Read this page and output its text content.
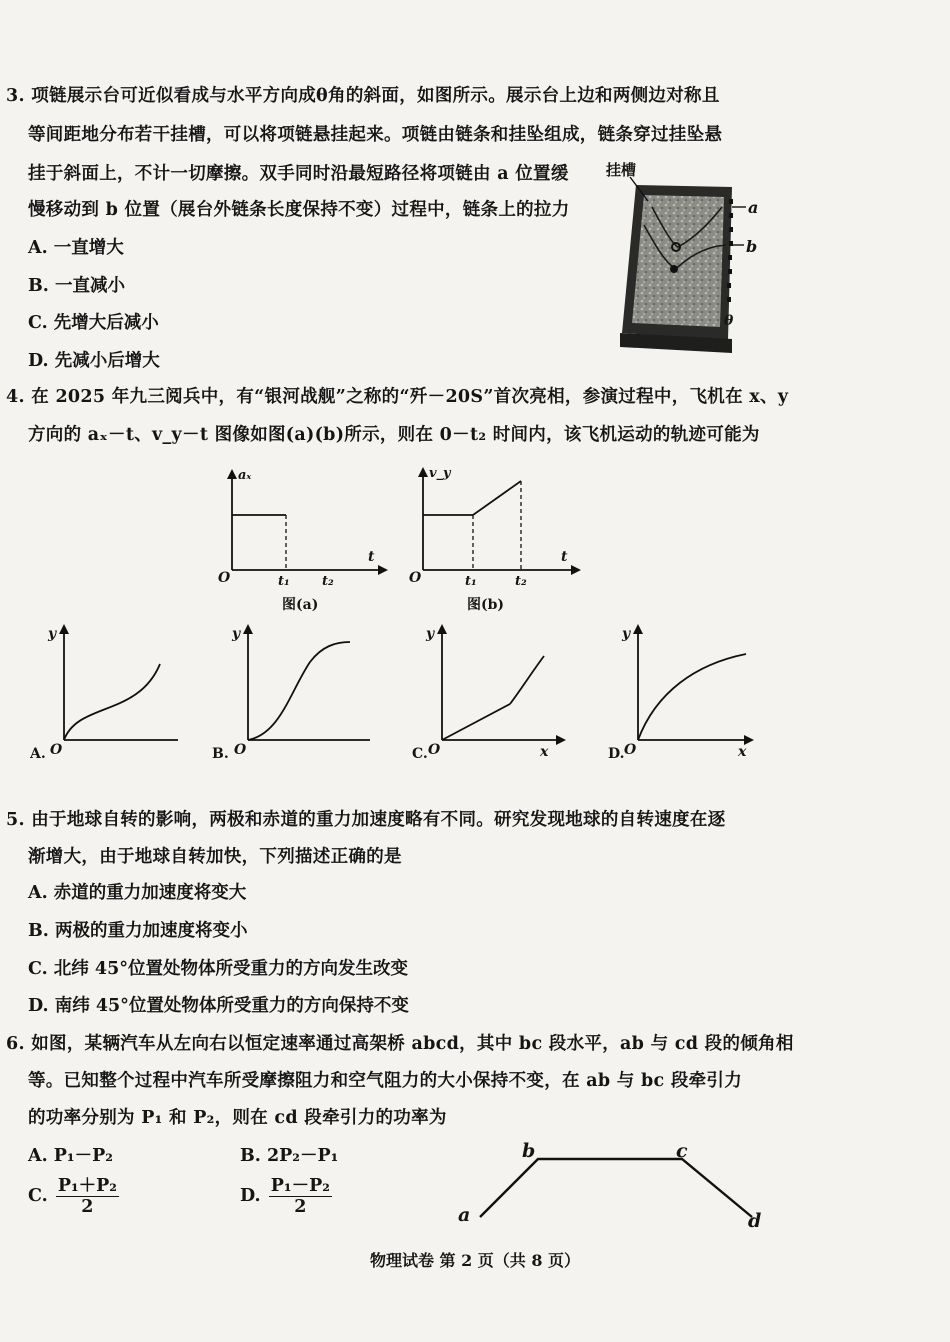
3. 项链展示台可近似看成与水平方向成θ角的斜面，如图所示。展示台上边和两侧边对称且
等间距地分布若干挂槽，可以将项链悬挂起来。项链由链条和挂坠组成，链条穿过挂坠悬
挂于斜面上，不计一切摩擦。双手同时沿最短路径将项链由 a 位置缓
慢移动到 b 位置（展台外链条长度保持不变）过程中，链条上的拉力
A. 一直增大
B. 一直减小
C. 先增大后减小
D. 先减小后增大
挂槽
a
b
θ
4. 在 2025 年九三阅兵中，有“银河战舰”之称的“歼－20S”首次亮相，参演过程中，飞机在 x、y
方向的 aₓ－t、v_y－t 图像如图(a)(b)所示，则在 0－t₂ 时间内，该飞机运动的轨迹可能为
aₓ
t
O	t₁ t₂
图(a)
v_y
t
O	t₁	t₂
图(b)
y
A. O
y
B. O
y
C. O	x
y
D. O	x
5. 由于地球自转的影响，两极和赤道的重力加速度略有不同。研究发现地球的自转速度在逐
渐增大，由于地球自转加快，下列描述正确的是
A. 赤道的重力加速度将变大
B. 两极的重力加速度将变小
C. 北纬 45°位置处物体所受重力的方向发生改变
D. 南纬 45°位置处物体所受重力的方向保持不变
6. 如图，某辆汽车从左向右以恒定速率通过高架桥 abcd，其中 bc 段水平，ab 与 cd 段的倾角相
等。已知整个过程中汽车所受摩擦阻力和空气阻力的大小保持不变，在 ab 与 bc 段牵引力
的功率分别为 P₁ 和 P₂，则在 cd 段牵引力的功率为
A. P₁－P₂	B. 2P₂－P₁
C. $\frac{\text{P₁＋P₂}}{2}$	D. $\frac{\text{P₁－P₂}}{2}$	a
b	c
d
物理试卷 第 2 页（共 8 页）
